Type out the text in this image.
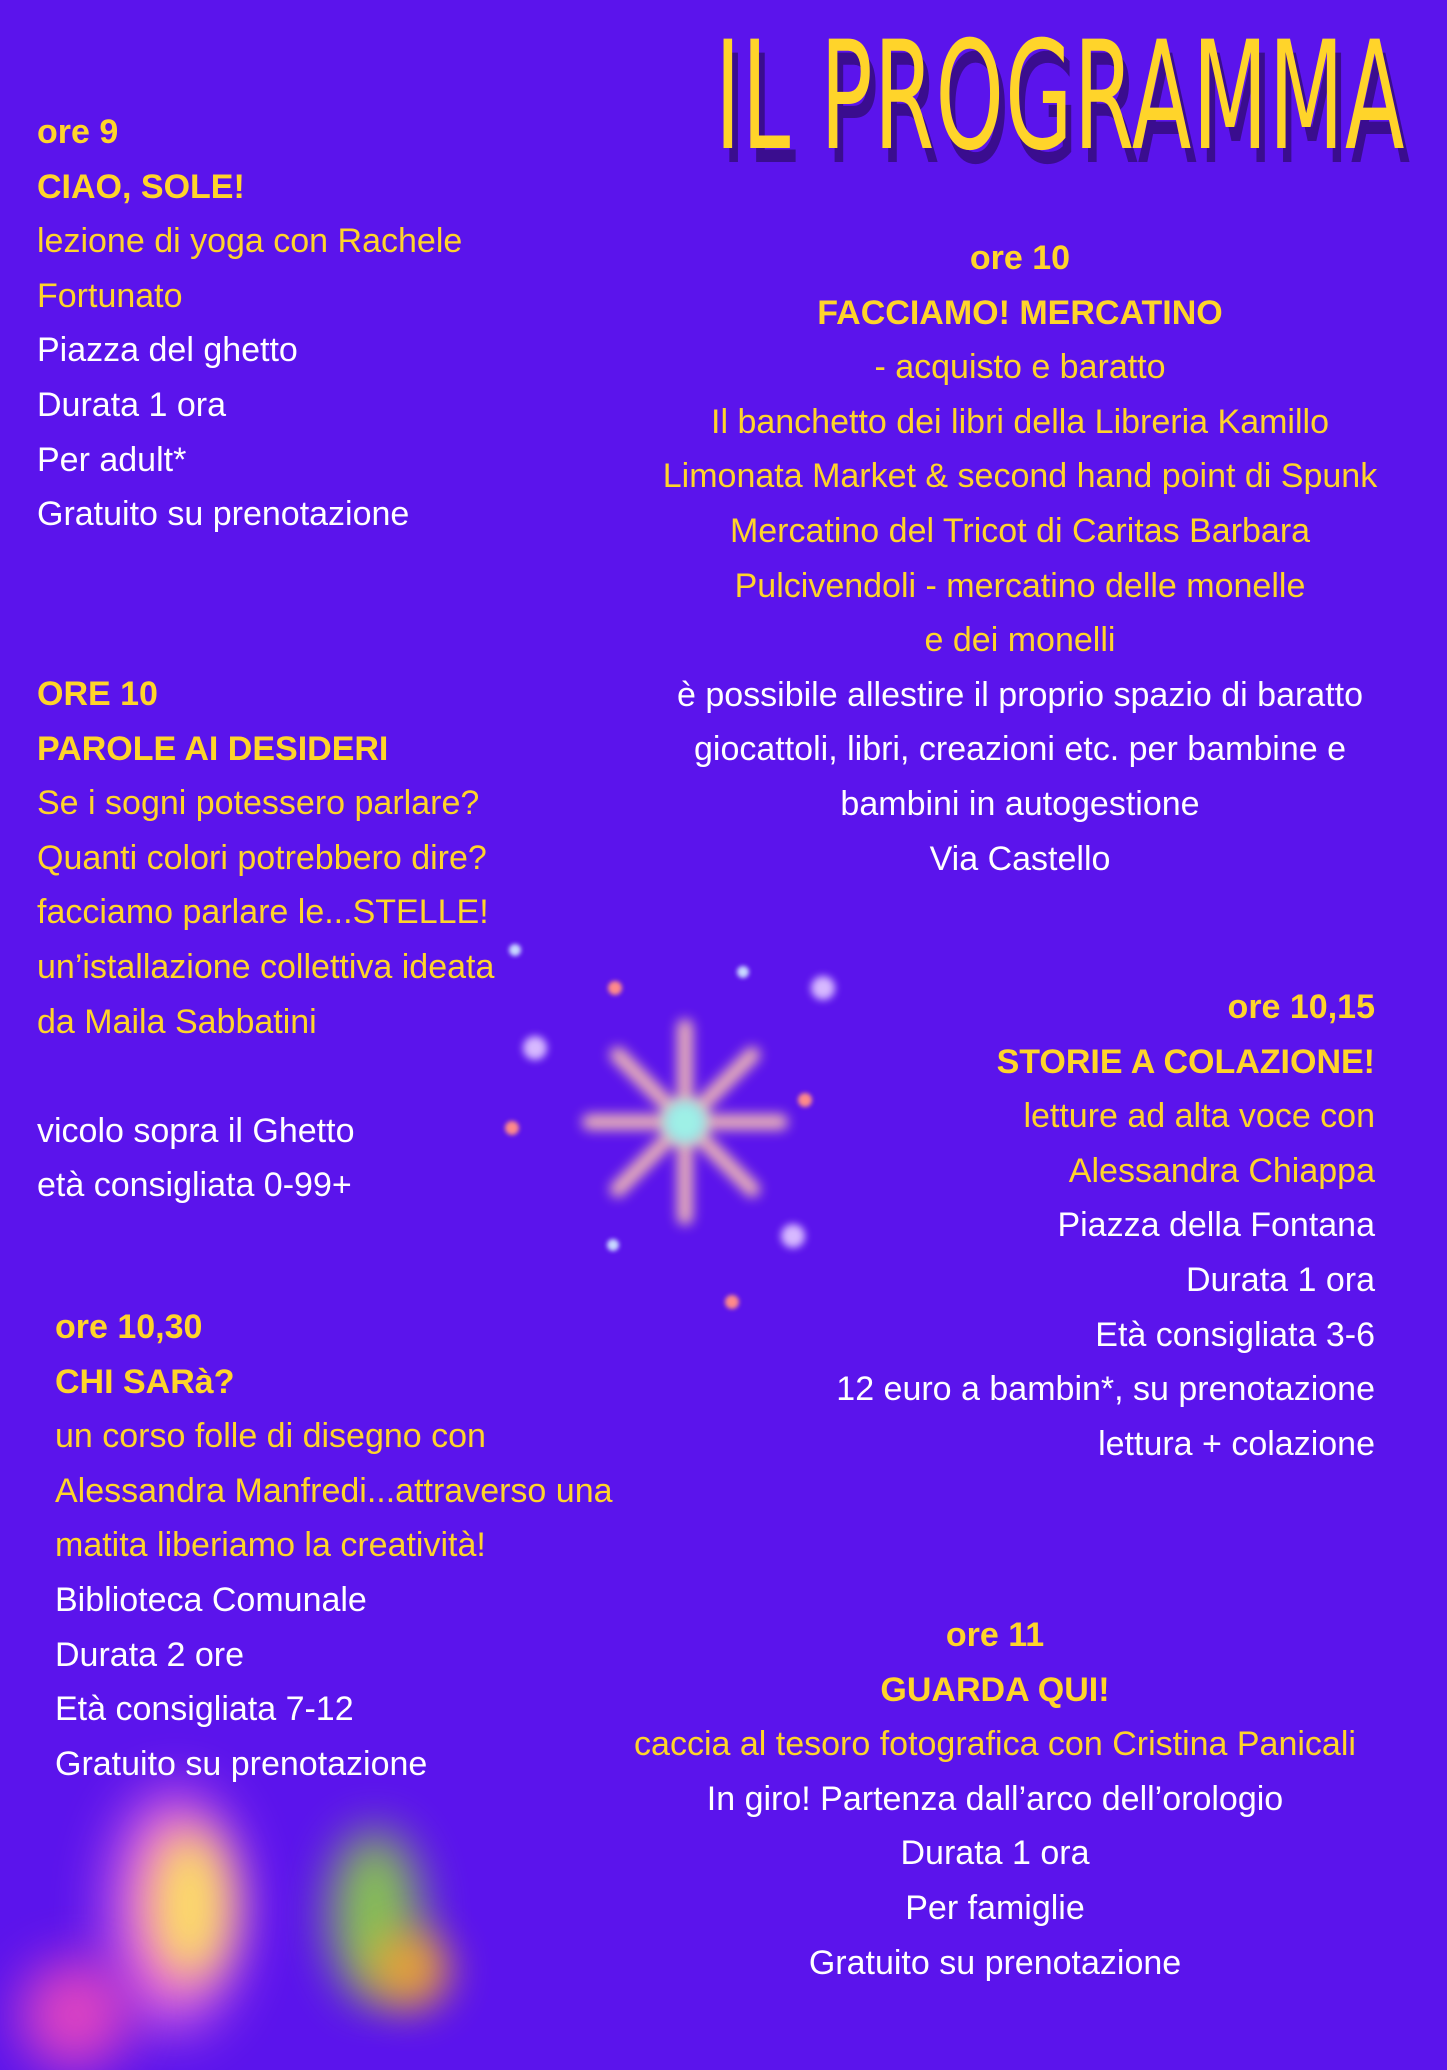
IL PROGRAMMA
ore 9
CIAO, SOLE!
lezione di yoga con Rachele
Fortunato
Piazza del ghetto
Durata 1 ora
Per adult*
Gratuito su prenotazione
ore 10
FACCIAMO! MERCATINO
- acquisto e baratto
Il banchetto dei libri della Libreria Kamillo
Limonata Market & second hand point di Spunk
Mercatino del Tricot di Caritas Barbara
Pulcivendoli - mercatino delle monelle
e dei monelli
è possibile allestire il proprio spazio di baratto
giocattoli, libri, creazioni etc. per bambine e
bambini in autogestione
Via Castello
ORE 10
PAROLE AI DESIDERI
Se i sogni potessero parlare?
Quanti colori potrebbero dire?
facciamo parlare le...STELLE!
un’istallazione collettiva ideata
da Maila Sabbatini
vicolo sopra il Ghetto
età consigliata 0-99+
ore 10,15
STORIE A COLAZIONE!
letture ad alta voce con
Alessandra Chiappa
Piazza della Fontana
Durata 1 ora
Età consigliata 3-6
12 euro a bambin*, su prenotazione
lettura + colazione
ore 10,30
CHI SARà?
un corso folle di disegno con
Alessandra Manfredi...attraverso una
matita liberiamo la creatività!
Biblioteca Comunale
Durata 2 ore
Età consigliata 7-12
Gratuito su prenotazione
ore 11
GUARDA QUI!
caccia al tesoro fotografica con Cristina Panicali
In giro! Partenza dall’arco dell’orologio
Durata 1 ora
Per famiglie
Gratuito su prenotazione
